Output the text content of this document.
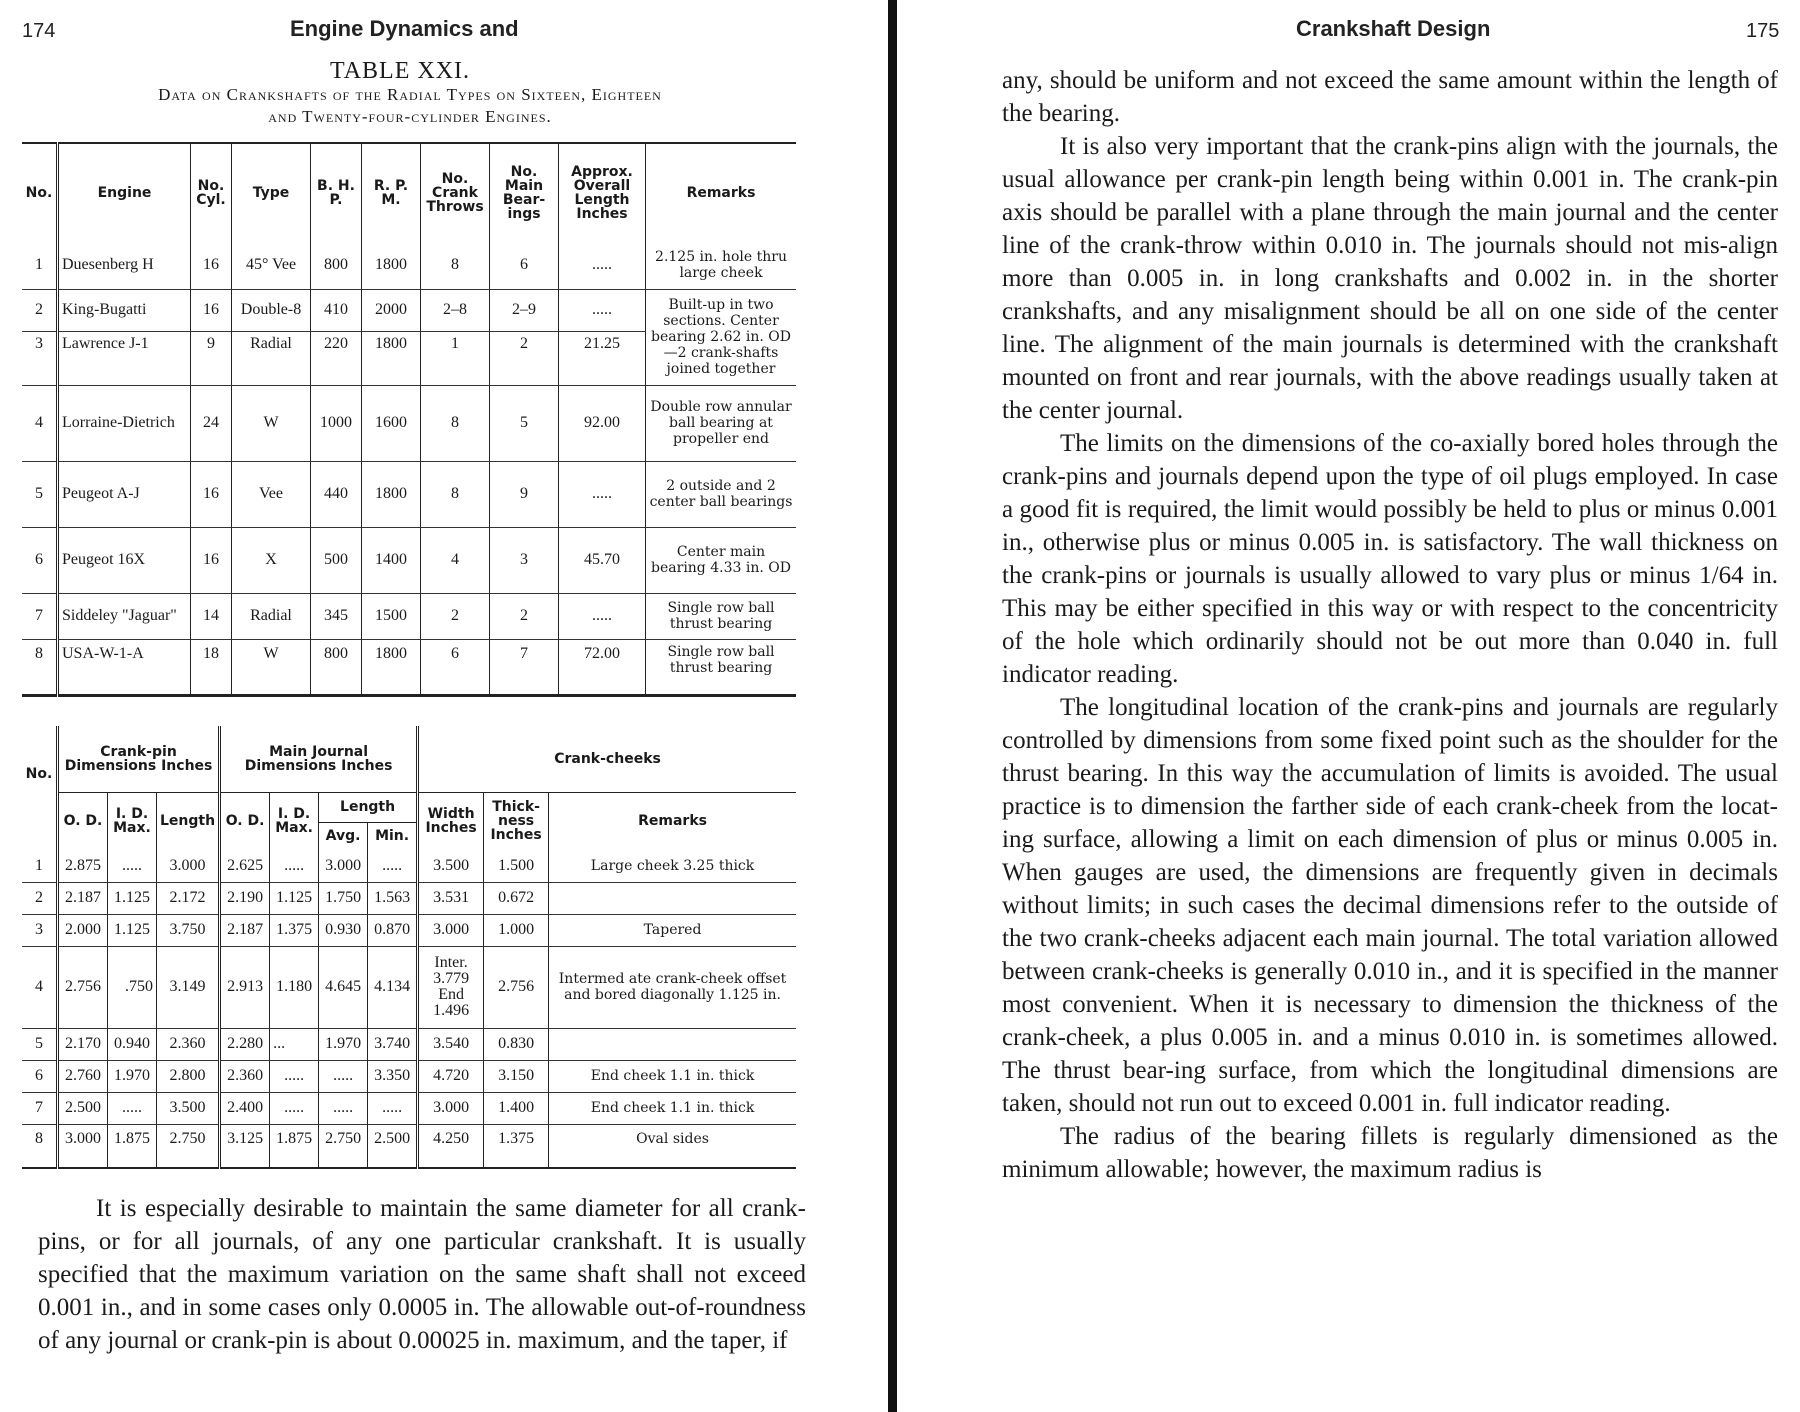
174	Engine Dynamics and
TABLE XXI.
Data on Crankshafts of the Radial Types on Sixteen, Eighteen
and Twenty-four-cylinder Engines.
No.	Engine	No. Cyl.	Type	B. H. P.	R. P. M.	No. Crank Throws	No. Main Bear-ings	Approx. Overall Length Inches	Remarks
1	Duesenberg H	16	45° Vee	800	1800	8	6	.....	2.125 in. hole thru large cheek
2	King-Bugatti	16	Double-8	410	2000	2–8	2–9	.....	Built-up in two sections. Center bearing 2.62 in. OD—2 crank-shafts joined together
3	Lawrence J-1	9	Radial	220	1800	1	2	21.25	
4	Lorraine-Dietrich	24	W	1000	1600	8	5	92.00	Double row annular ball bearing at propeller end
5	Peugeot A-J	16	Vee	440	1800	8	9	.....	2 outside and 2 center ball bearings
6	Peugeot 16X	16	X	500	1400	4	3	45.70	Center main bearing 4.33 in. OD
7	Siddeley "Jaguar"	14	Radial	345	1500	2	2	.....	Single row ball thrust bearing
8	USA-W-1-A	18	W	800	1800	6	7	72.00	Single row ball thrust bearing
No.	Crank-pin Dimensions Inches			Main Journal Dimensions Inches				Crank-cheeks		
	O. D.	I. D. Max.	Length	O. D.	I. D. Max.	Length		Width Inches	Thick-ness Inches	Remarks
						Avg.	Min.			
1	2.875	.....	3.000	2.625	.....	3.000	.....	3.500	1.500	Large cheek 3.25 thick
2	2.187	1.125	2.172	2.190	1.125	1.750	1.563	3.531	0.672	
3	2.000	1.125	3.750	2.187	1.375	0.930	0.870	3.000	1.000	Tapered
4	2.756	.750	3.149	2.913	1.180	4.645	4.134	Inter. 3.779 End 1.496	2.756	Intermed ate crank-cheek offset and bored diagonally 1.125 in.
5	2.170	0.940	2.360	2.280	...	1.970	3.740	3.540	0.830	
6	2.760	1.970	2.800	2.360	.....	.....	3.350	4.720	3.150	End cheek 1.1 in. thick
7	2.500	.....	3.500	2.400	.....	.....	.....	3.000	1.400	End cheek 1.1 in. thick
8	3.000	1.875	2.750	3.125	1.875	2.750	2.500	4.250	1.375	Oval sides

It is especially desirable to maintain the same diameter for all crank-pins, or for all journals, of any one particular crankshaft. It is usually specified that the maximum variation on the same shaft shall not exceed 0.001 in., and in some cases only 0.0005 in. The allowable out-of-roundness of any journal or crank-pin is about 0.00025 in. maximum, and the taper, if

Crankshaft Design	175

any, should be uniform and not exceed the same amount within the length of the bearing.

It is also very important that the crank-pins align with the journals, the usual allowance per crank-pin length being within 0.001 in. The crank-pin axis should be parallel with a plane through the main journal and the center line of the crank-throw within 0.010 in. The journals should not mis-align more than 0.005 in. in long crankshafts and 0.002 in. in the shorter crankshafts, and any misalignment should be all on one side of the center line. The alignment of the main journals is determined with the crankshaft mounted on front and rear journals, with the above readings usually taken at the center journal.

The limits on the dimensions of the co-axially bored holes through the crank-pins and journals depend upon the type of oil plugs employed. In case a good fit is required, the limit would possibly be held to plus or minus 0.001 in., otherwise plus or minus 0.005 in. is satisfactory. The wall thickness on the crank-pins or journals is usually allowed to vary plus or minus 1/64 in. This may be either specified in this way or with respect to the concentricity of the hole which ordinarily should not be out more than 0.040 in. full indicator reading.

The longitudinal location of the crank-pins and journals are regularly controlled by dimensions from some fixed point such as the shoulder for the thrust bearing. In this way the accumulation of limits is avoided. The usual practice is to dimension the farther side of each crank-cheek from the locat-ing surface, allowing a limit on each dimension of plus or minus 0.005 in. When gauges are used, the dimensions are frequently given in decimals without limits; in such cases the decimal dimensions refer to the outside of the two crank-cheeks adjacent each main journal. The total variation allowed between crank-cheeks is generally 0.010 in., and it is specified in the manner most convenient. When it is necessary to dimension the thickness of the crank-cheek, a plus 0.005 in. and a minus 0.010 in. is sometimes allowed. The thrust bear-ing surface, from which the longitudinal dimensions are taken, should not run out to exceed 0.001 in. full indicator reading.

The radius of the bearing fillets is regularly dimensioned as the minimum allowable; however, the maximum radius is
